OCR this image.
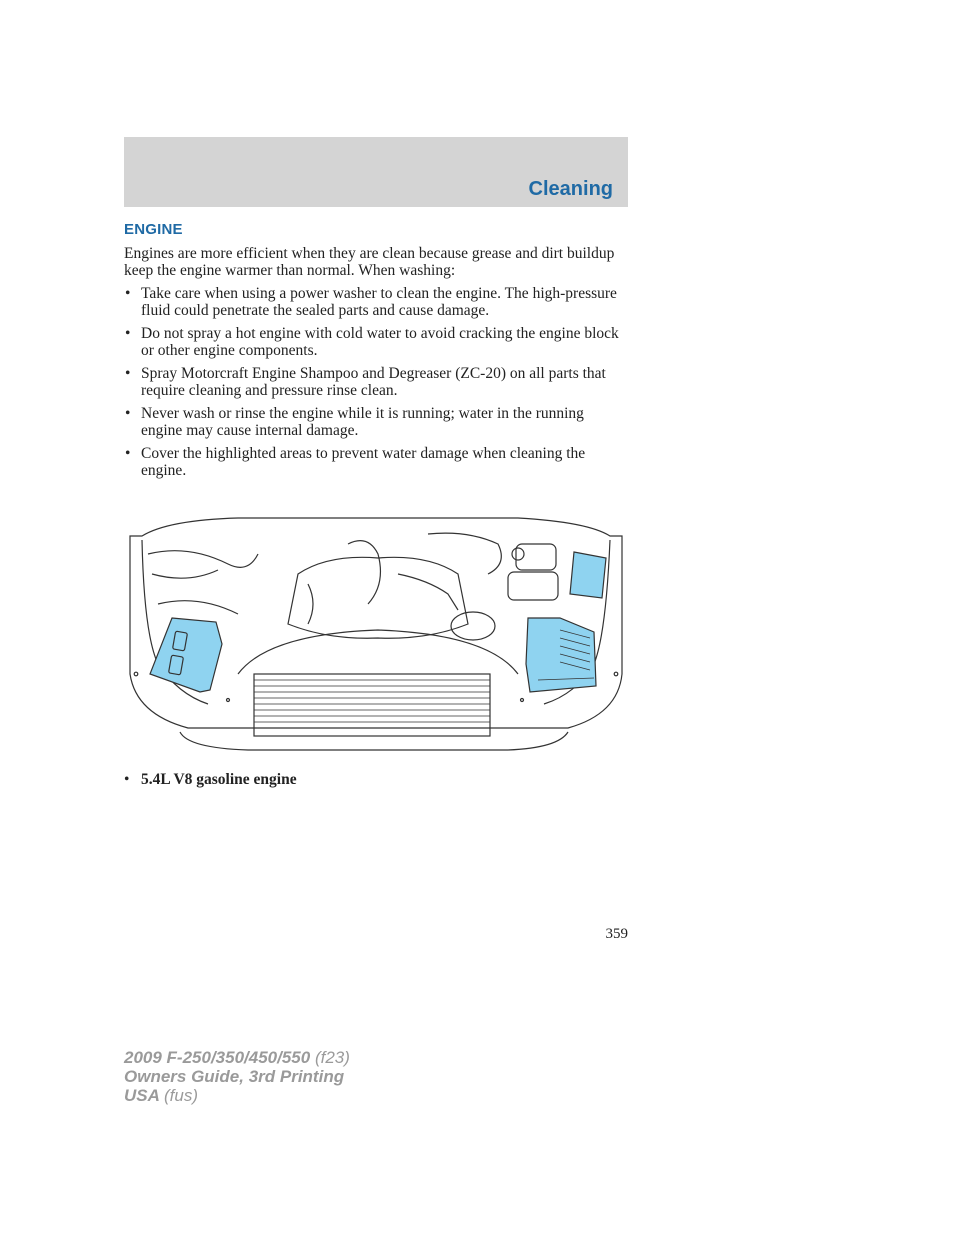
Cleaning
ENGINE
Engines are more efficient when they are clean because grease and dirt buildup keep the engine warmer than normal. When washing:
• Take care when using a power washer to clean the engine. The high-pressure fluid could penetrate the sealed parts and cause damage.
• Do not spray a hot engine with cold water to avoid cracking the engine block or other engine components.
• Spray Motorcraft Engine Shampoo and Degreaser (ZC-20) on all parts that require cleaning and pressure rinse clean.
• Never wash or rinse the engine while it is running; water in the running engine may cause internal damage.
• Cover the highlighted areas to prevent water damage when cleaning the engine.
• 5.4L V8 gasoline engine
359
2009 F-250/350/450/550 (f23)
Owners Guide, 3rd Printing
USA (fus)
